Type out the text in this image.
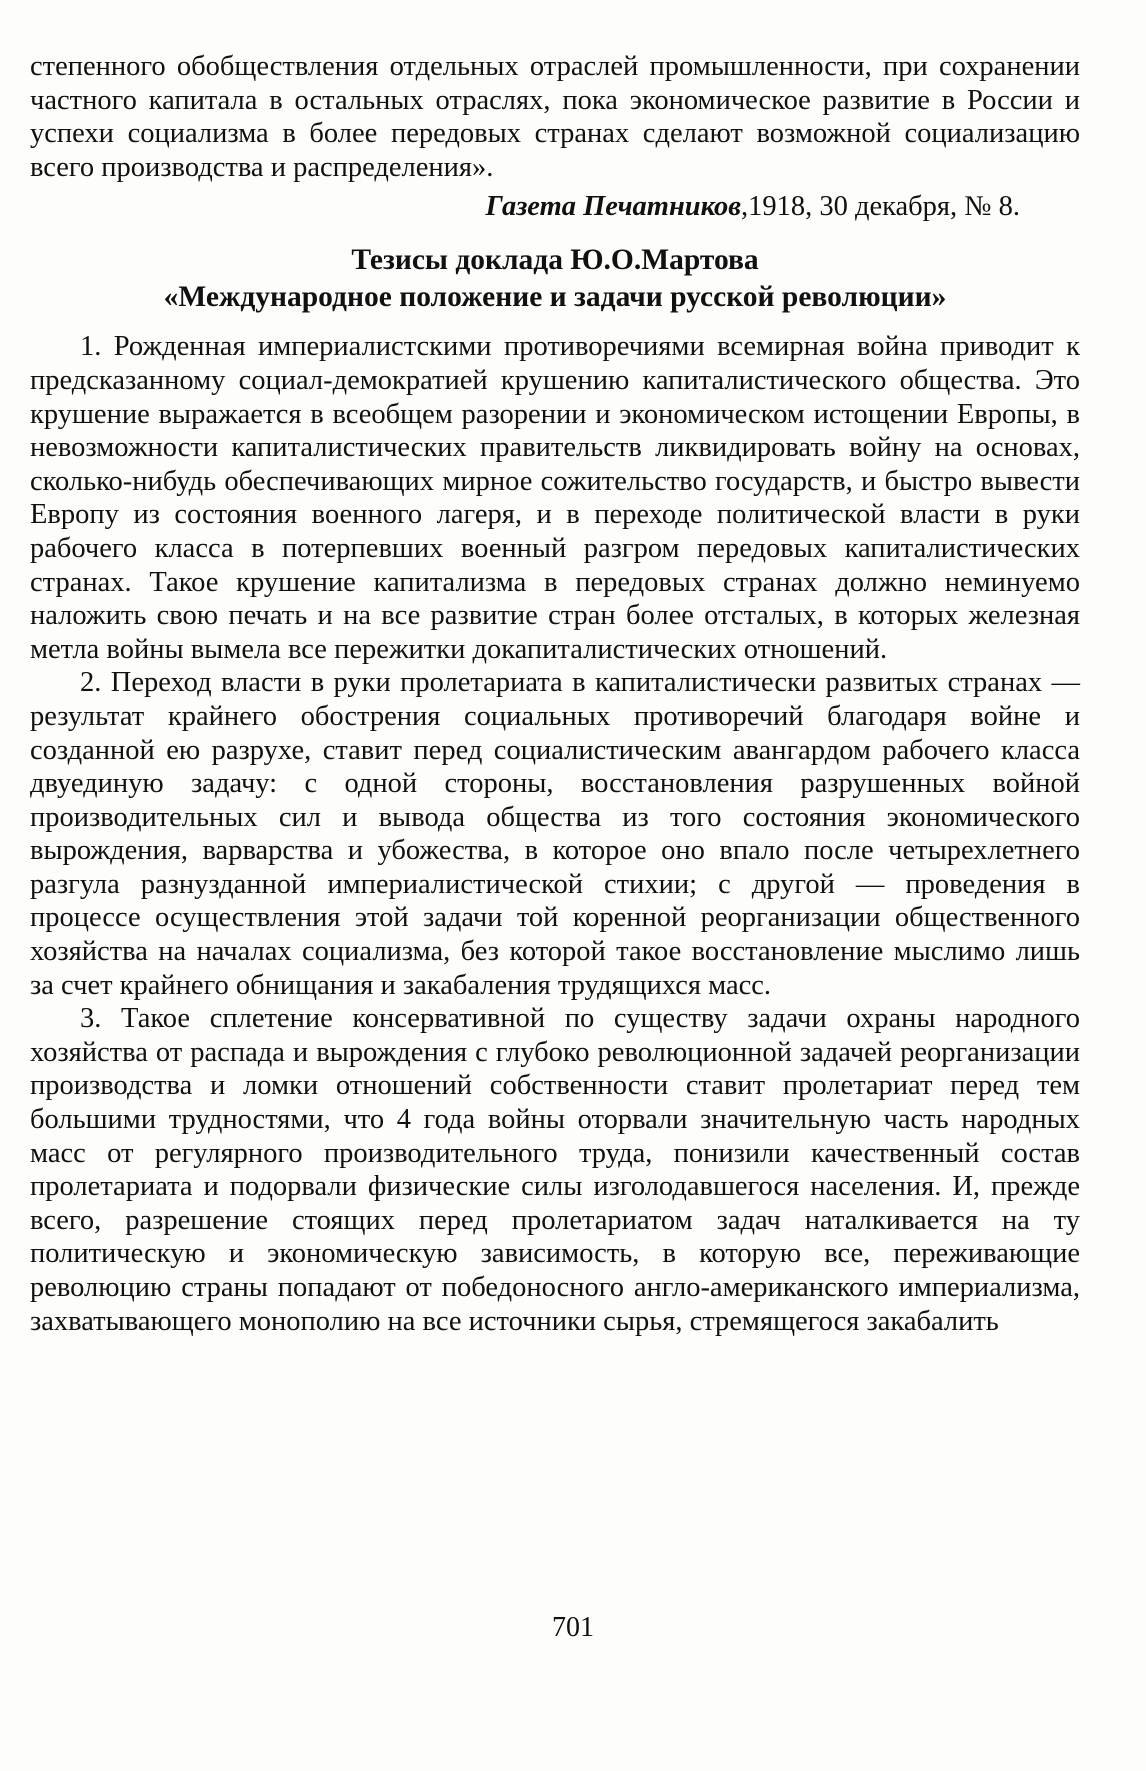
степенного обобществления отдельных отраслей промышленности, при сохранении частного капитала в остальных отраслях, пока экономическое развитие в России и успехи социализма в более передовых странах сделают возможной социализацию всего производства и распределения».

Газета Печатников,1918, 30 декабря, № 8.

Тезисы доклада Ю.О.Мартова
«Международное положение и задачи русской революции»

1. Рожденная империалистскими противоречиями всемирная война приводит к предсказанному социал-демократией крушению капиталистического общества. Это крушение выражается в всеобщем разорении и экономическом истощении Европы, в невозможности капиталистических правительств ликвидировать войну на основах, сколько-нибудь обеспечивающих мирное сожительство государств, и быстро вывести Европу из состояния военного лагеря, и в переходе политической власти в руки рабочего класса в потерпевших военный разгром передовых капиталистических странах. Такое крушение капитализма в передовых странах должно неминуемо наложить свою печать и на все развитие стран более отсталых, в которых железная метла войны вымела все пережитки докапиталистических отношений.

2. Переход власти в руки пролетариата в капиталистически развитых странах — результат крайнего обострения социальных противоречий благодаря войне и созданной ею разрухе, ставит перед социалистическим авангардом рабочего класса двуединую задачу: с одной стороны, восстановления разрушенных войной производительных сил и вывода общества из того состояния экономического вырождения, варварства и убожества, в которое оно впало после четырехлетнего разгула разнузданной империалистической стихии; с другой — проведения в процессе осуществления этой задачи той коренной реорганизации общественного хозяйства на началах социализма, без которой такое восстановление мыслимо лишь за счет крайнего обнищания и закабаления трудящихся масс.

3. Такое сплетение консервативной по существу задачи охраны народного хозяйства от распада и вырождения с глубоко революционной задачей реорганизации производства и ломки отношений собственности ставит пролетариат перед тем большими трудностями, что 4 года войны оторвали значительную часть народных масс от регулярного производительного труда, понизили качественный состав пролетариата и подорвали физические силы изголодавшегося населения. И, прежде всего, разрешение стоящих перед пролетариатом задач наталкивается на ту политическую и экономическую зависимость, в которую все, переживающие революцию страны попадают от победоносного англо-американского империализма, захватывающего монополию на все источники сырья, стремящегося закабалить

701
